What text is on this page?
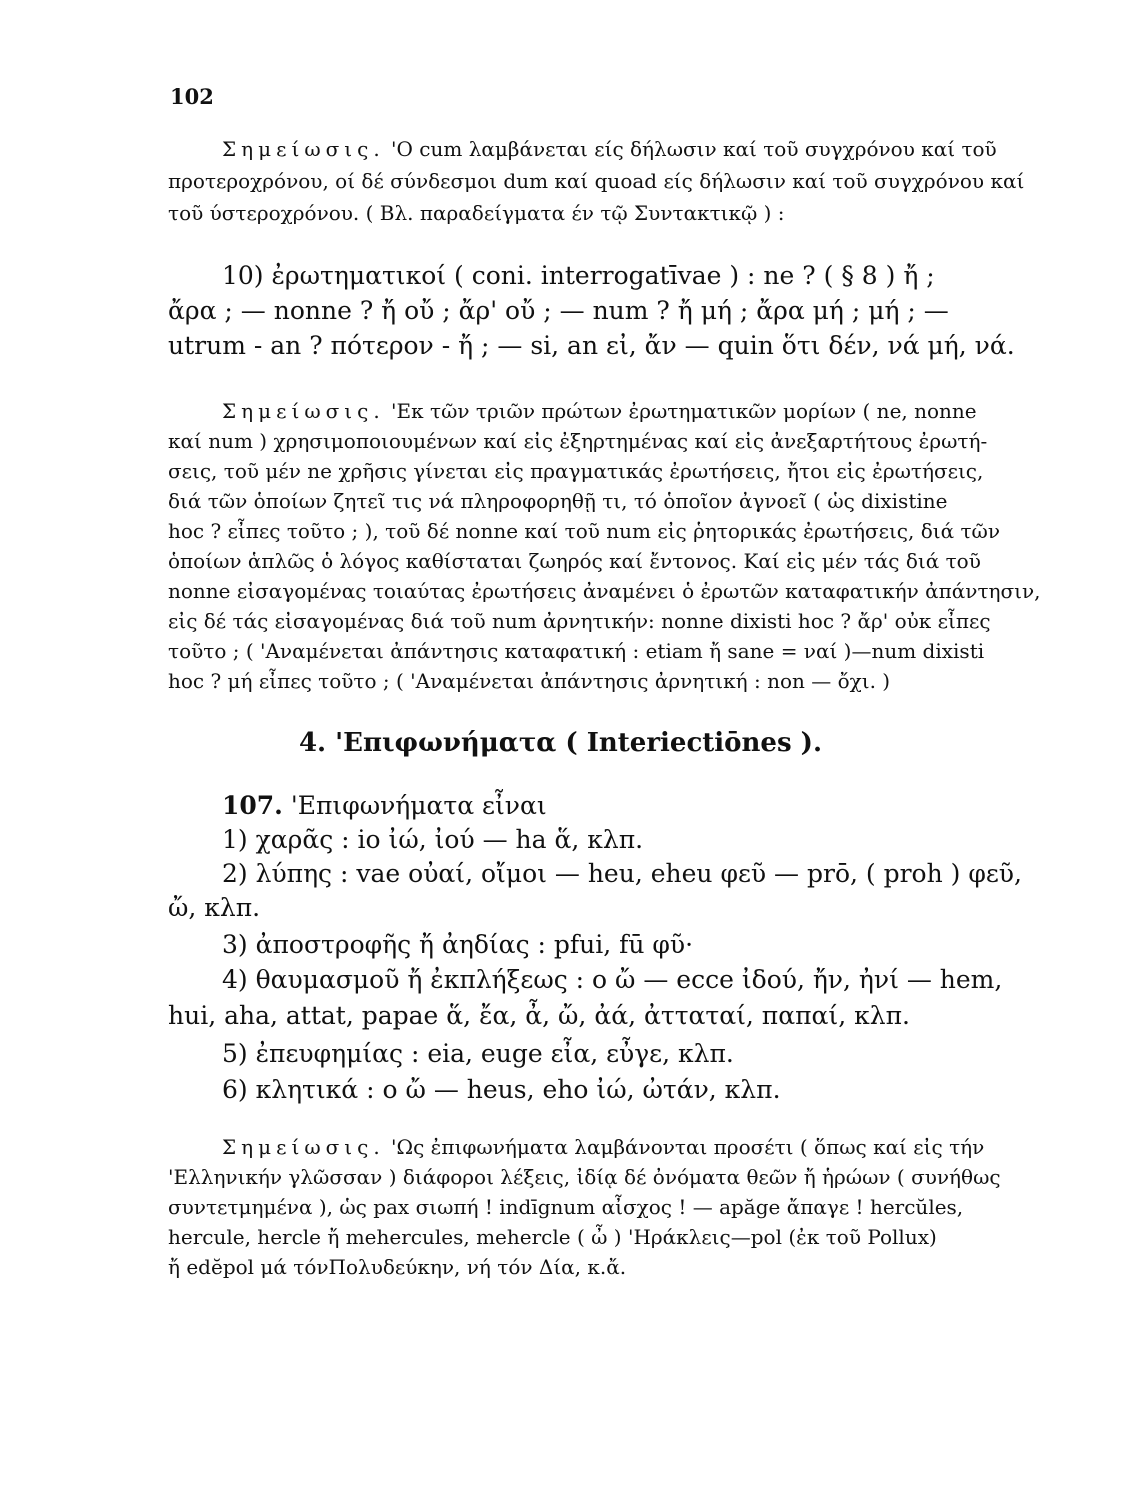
102
Σημείωσις. 'Ο cum λαμβάνεται είς δήλωσιν καί τοῦ συγχρόνου καί τοῦ
προτεροχρόνου, οί δέ σύνδεσμοι dum καί quoad είς δήλωσιν καί τοῦ συγχρόνου καί
τοῦ ύστεροχρόνου. ( Βλ. παραδείγματα έν τῷ Συντακτικῷ ) :
10) ἐρωτηματικοί ( coni. interrogatīvae ) : ne ? ( § 8 ) ἤ ;
ἄρα ; — nonne ? ἤ οὔ ; ἄρ' οὔ ; — num ? ἤ μή ; ἄρα μή ; μή ; —
utrum - an ? πότερον - ἤ ; — si, an εἰ, ἄν — quin ὅτι δέν, νά μή, νά.
Σημείωσις. 'Εκ τῶν τριῶν πρώτων ἐρωτηματικῶν μορίων ( ne, nonne
καί num ) χρησιμοποιουμένων καί εἰς ἐξηρτημένας καί εἰς ἀνεξαρτήτους ἐρωτή-
σεις, τοῦ μέν ne χρῆσις γίνεται εἰς πραγματικάς ἐρωτήσεις, ἤτοι εἰς ἐρωτήσεις,
διά τῶν ὁποίων ζητεῖ τις νά πληροφορηθῇ τι, τό ὁποῖον ἀγνοεῖ ( ὡς dixistine
hoc ? εἶπες τοῦτο ; ), τοῦ δέ nonne καί τοῦ num εἰς ῥητορικάς ἐρωτήσεις, διά τῶν
ὁποίων ἁπλῶς ὁ λόγος καθίσταται ζωηρός καί ἔντονος. Καί εἰς μέν τάς διά τοῦ
nonne εἰσαγομένας τοιαύτας ἐρωτήσεις ἀναμένει ὁ ἐρωτῶν καταφατικήν ἀπάντησιν,
εἰς δέ τάς εἰσαγομένας διά τοῦ num ἀρνητικήν: nonne dixisti hoc ? ἄρ' οὐκ εἶπες
τοῦτο ; ( 'Αναμένεται ἀπάντησις καταφατική : etiam ἤ sane = ναί )—num dixisti
hoc ? μή εἶπες τοῦτο ; ( 'Αναμένεται ἀπάντησις ἀρνητική : non — ὄχι. )
4. 'Επιφωνήματα ( Interiectiōnes ).
107. 'Επιφωνήματα εἶναι
1) χαρᾶς : io ἰώ, ἰού — ha ἅ, κλπ.
2) λύπης : vae οὐαί, οἴμοι — heu, eheu φεῦ — prō, ( proh ) φεῦ,
ὤ, κλπ.
3) ἀποστροφῆς ἤ ἀηδίας : pfui, fū φῦ·
4) θαυμασμοῦ ἤ ἐκπλήξεως : o ὤ — ecce ἰδού, ἤν, ἠνί — hem,
hui, aha, attat, papae ἅ, ἔα, ἆ, ὤ, ἀά, ἀτταταί, παπαί, κλπ.
5) ἐπευφημίας : eia, euge εἶα, εὖγε, κλπ.
6) κλητικά : o ὤ — heus, eho ἰώ, ὠτάν, κλπ.
Σημείωσις. 'Ως ἐπιφωνήματα λαμβάνονται προσέτι ( ὅπως καί εἰς τήν
'Ελληνικήν γλῶσσαν ) διάφοροι λέξεις, ἰδίᾳ δέ ὀνόματα θεῶν ἤ ἡρώων ( συνήθως
συντετμημένα ), ὡς pax σιωπή ! indīgnum αἶσχος ! — apăge ἄπαγε ! hercŭles,
hercule, hercle ἤ mehercules, mehercle ( ὦ ) 'Ηράκλεις—pol (ἐκ τοῦ Pollux)
ἤ edĕpol μά τόνΠολυδεύκην, νή τόν Δία, κ.ἄ.
